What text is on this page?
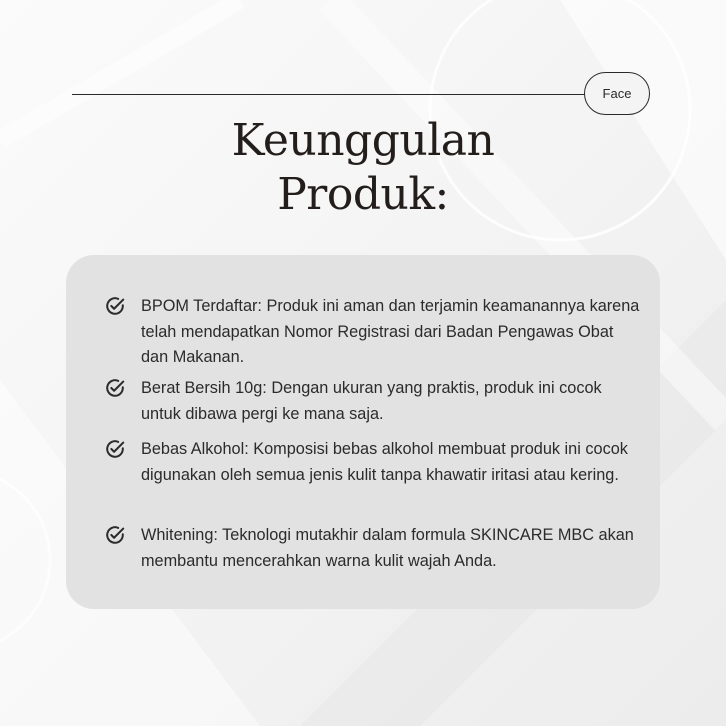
Face
Keunggulan
Produk:
BPOM Terdaftar: Produk ini aman dan terjamin keamanannya karena telah mendapatkan Nomor Registrasi dari Badan Pengawas Obat dan Makanan.
Berat Bersih 10g: Dengan ukuran yang praktis, produk ini cocok untuk dibawa pergi ke mana saja.
Bebas Alkohol: Komposisi bebas alkohol membuat produk ini cocok digunakan oleh semua jenis kulit tanpa khawatir iritasi atau kering.
Whitening: Teknologi mutakhir dalam formula SKINCARE MBC akan membantu mencerahkan warna kulit wajah Anda.
